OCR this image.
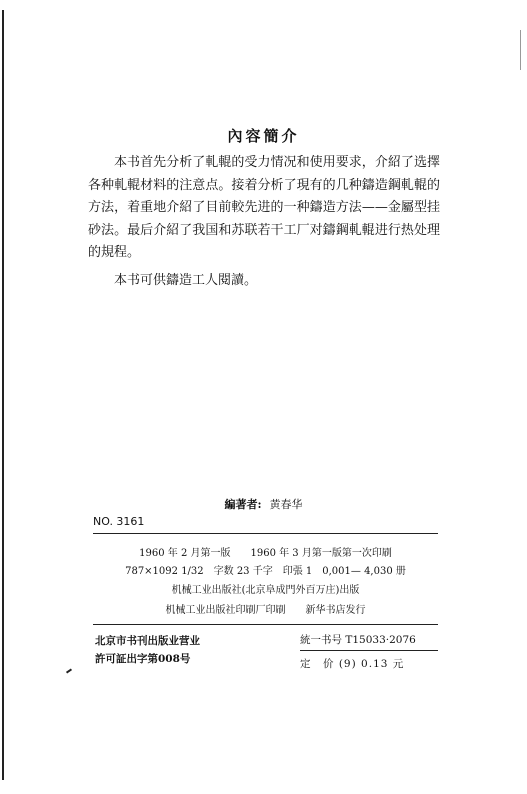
內容簡介

本书首先分析了軋輥的受力情况和使用要求，介紹了选擇各种軋輥材料的注意点。接着分析了現有的几种鑄造鋼軋輥的方法，着重地介紹了目前較先进的一种鑄造方法——金屬型挂砂法。最后介紹了我国和苏联若干工厂对鑄鋼軋輥进行热处理的規程。

本书可供鑄造工人閱讀。

編著者: 黄春华
NO. 3161
1960 年 2 月第一版　　1960 年 3 月第一版第一次印刷
787×1092 1/32　字数 23 千字　印張 1　0,001— 4,030 册
机械工业出版社(北京阜成門外百万庄)出版
机械工业出版社印刷厂印刷　　新华书店发行
北京市书刊出版业营业
許可証出字第008号
統一书号 T15033·2076
定　价 (9) 0.13 元
